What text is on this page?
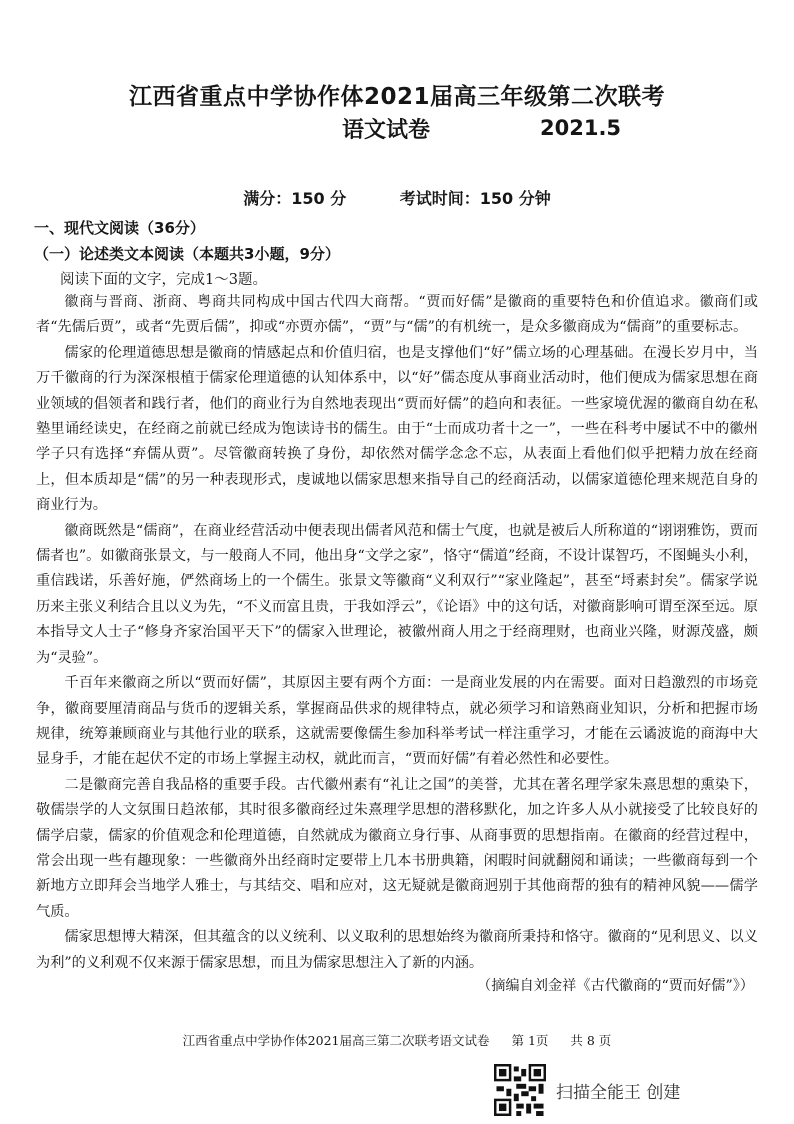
江西省重点中学协作体2021届高三年级第二次联考
语文试卷	2021.5
满分：150 分	考试时间：150 分钟
一、现代文阅读（36分）
（一）论述类文本阅读（本题共3小题，9分）
阅读下面的文字，完成1～3题。

徽商与晋商、浙商、粤商共同构成中国古代四大商帮。“贾而好儒”是徽商的重要特色和价值追求。徽商们或者“先儒后贾”，或者“先贾后儒”，抑或“亦贾亦儒”，“贾”与“儒”的有机统一，是众多徽商成为“儒商”的重要标志。

儒家的伦理道德思想是徽商的情感起点和价值归宿，也是支撑他们“好”儒立场的心理基础。在漫长岁月中，当万千徽商的行为深深根植于儒家伦理道德的认知体系中，以“好”儒态度从事商业活动时，他们便成为儒家思想在商业领域的倡领者和践行者，他们的商业行为自然地表现出“贾而好儒”的趋向和表征。一些家境优渥的徽商自幼在私塾里诵经读史，在经商之前就已经成为饱读诗书的儒生。由于“士而成功者十之一”，一些在科考中屡试不中的徽州学子只有选择“弃儒从贾”。尽管徽商转换了身份，却依然对儒学念念不忘，从表面上看他们似乎把精力放在经商上，但本质却是“儒”的另一种表现形式，虔诚地以儒家思想来指导自己的经商活动，以儒家道德伦理来规范自身的商业行为。

徽商既然是“儒商”，在商业经营活动中便表现出儒者风范和儒士气度，也就是被后人所称道的“诩诩雅饬，贾而儒者也”。如徽商张景文，与一般商人不同，他出身“文学之家”，恪守“儒道”经商，不设计谋智巧，不图蝇头小利，重信践诺，乐善好施，俨然商场上的一个儒生。张景文等徽商“义利双行”“家业隆起”，甚至“埒素封矣”。儒家学说历来主张义利结合且以义为先，“不义而富且贵，于我如浮云”，《论语》中的这句话，对徽商影响可谓至深至远。原本指导文人士子“修身齐家治国平天下”的儒家入世理论，被徽州商人用之于经商理财，也商业兴隆，财源茂盛，颇为“灵验”。

千百年来徽商之所以“贾而好儒”，其原因主要有两个方面：一是商业发展的内在需要。面对日趋激烈的市场竞争，徽商要厘清商品与货币的逻辑关系，掌握商品供求的规律特点，就必须学习和谙熟商业知识，分析和把握市场规律，统筹兼顾商业与其他行业的联系，这就需要像儒生参加科举考试一样注重学习，才能在云谲波诡的商海中大显身手，才能在起伏不定的市场上掌握主动权，就此而言，“贾而好儒”有着必然性和必要性。

二是徽商完善自我品格的重要手段。古代徽州素有“礼让之国”的美誉，尤其在著名理学家朱熹思想的熏染下，敬儒崇学的人文氛围日趋浓郁，其时很多徽商经过朱熹理学思想的潜移默化，加之许多人从小就接受了比较良好的儒学启蒙，儒家的价值观念和伦理道德，自然就成为徽商立身行事、从商事贾的思想指南。在徽商的经营过程中，常会出现一些有趣现象：一些徽商外出经商时定要带上几本书册典籍，闲暇时间就翻阅和诵读；一些徽商每到一个新地方立即拜会当地学人雅士，与其结交、唱和应对，这无疑就是徽商迥别于其他商帮的独有的精神风貌——儒学气质。

儒家思想博大精深，但其蕴含的以义统利、以义取利的思想始终为徽商所秉持和恪守。徽商的“见利思义、以义为利”的义利观不仅来源于儒家思想，而且为儒家思想注入了新的内涵。

（摘编自刘金祥《古代徽商的“贾而好儒”》）
江西省重点中学协作体2021届高三第二次联考语文试卷 第 1页 共 8 页
扫描全能王 创建
